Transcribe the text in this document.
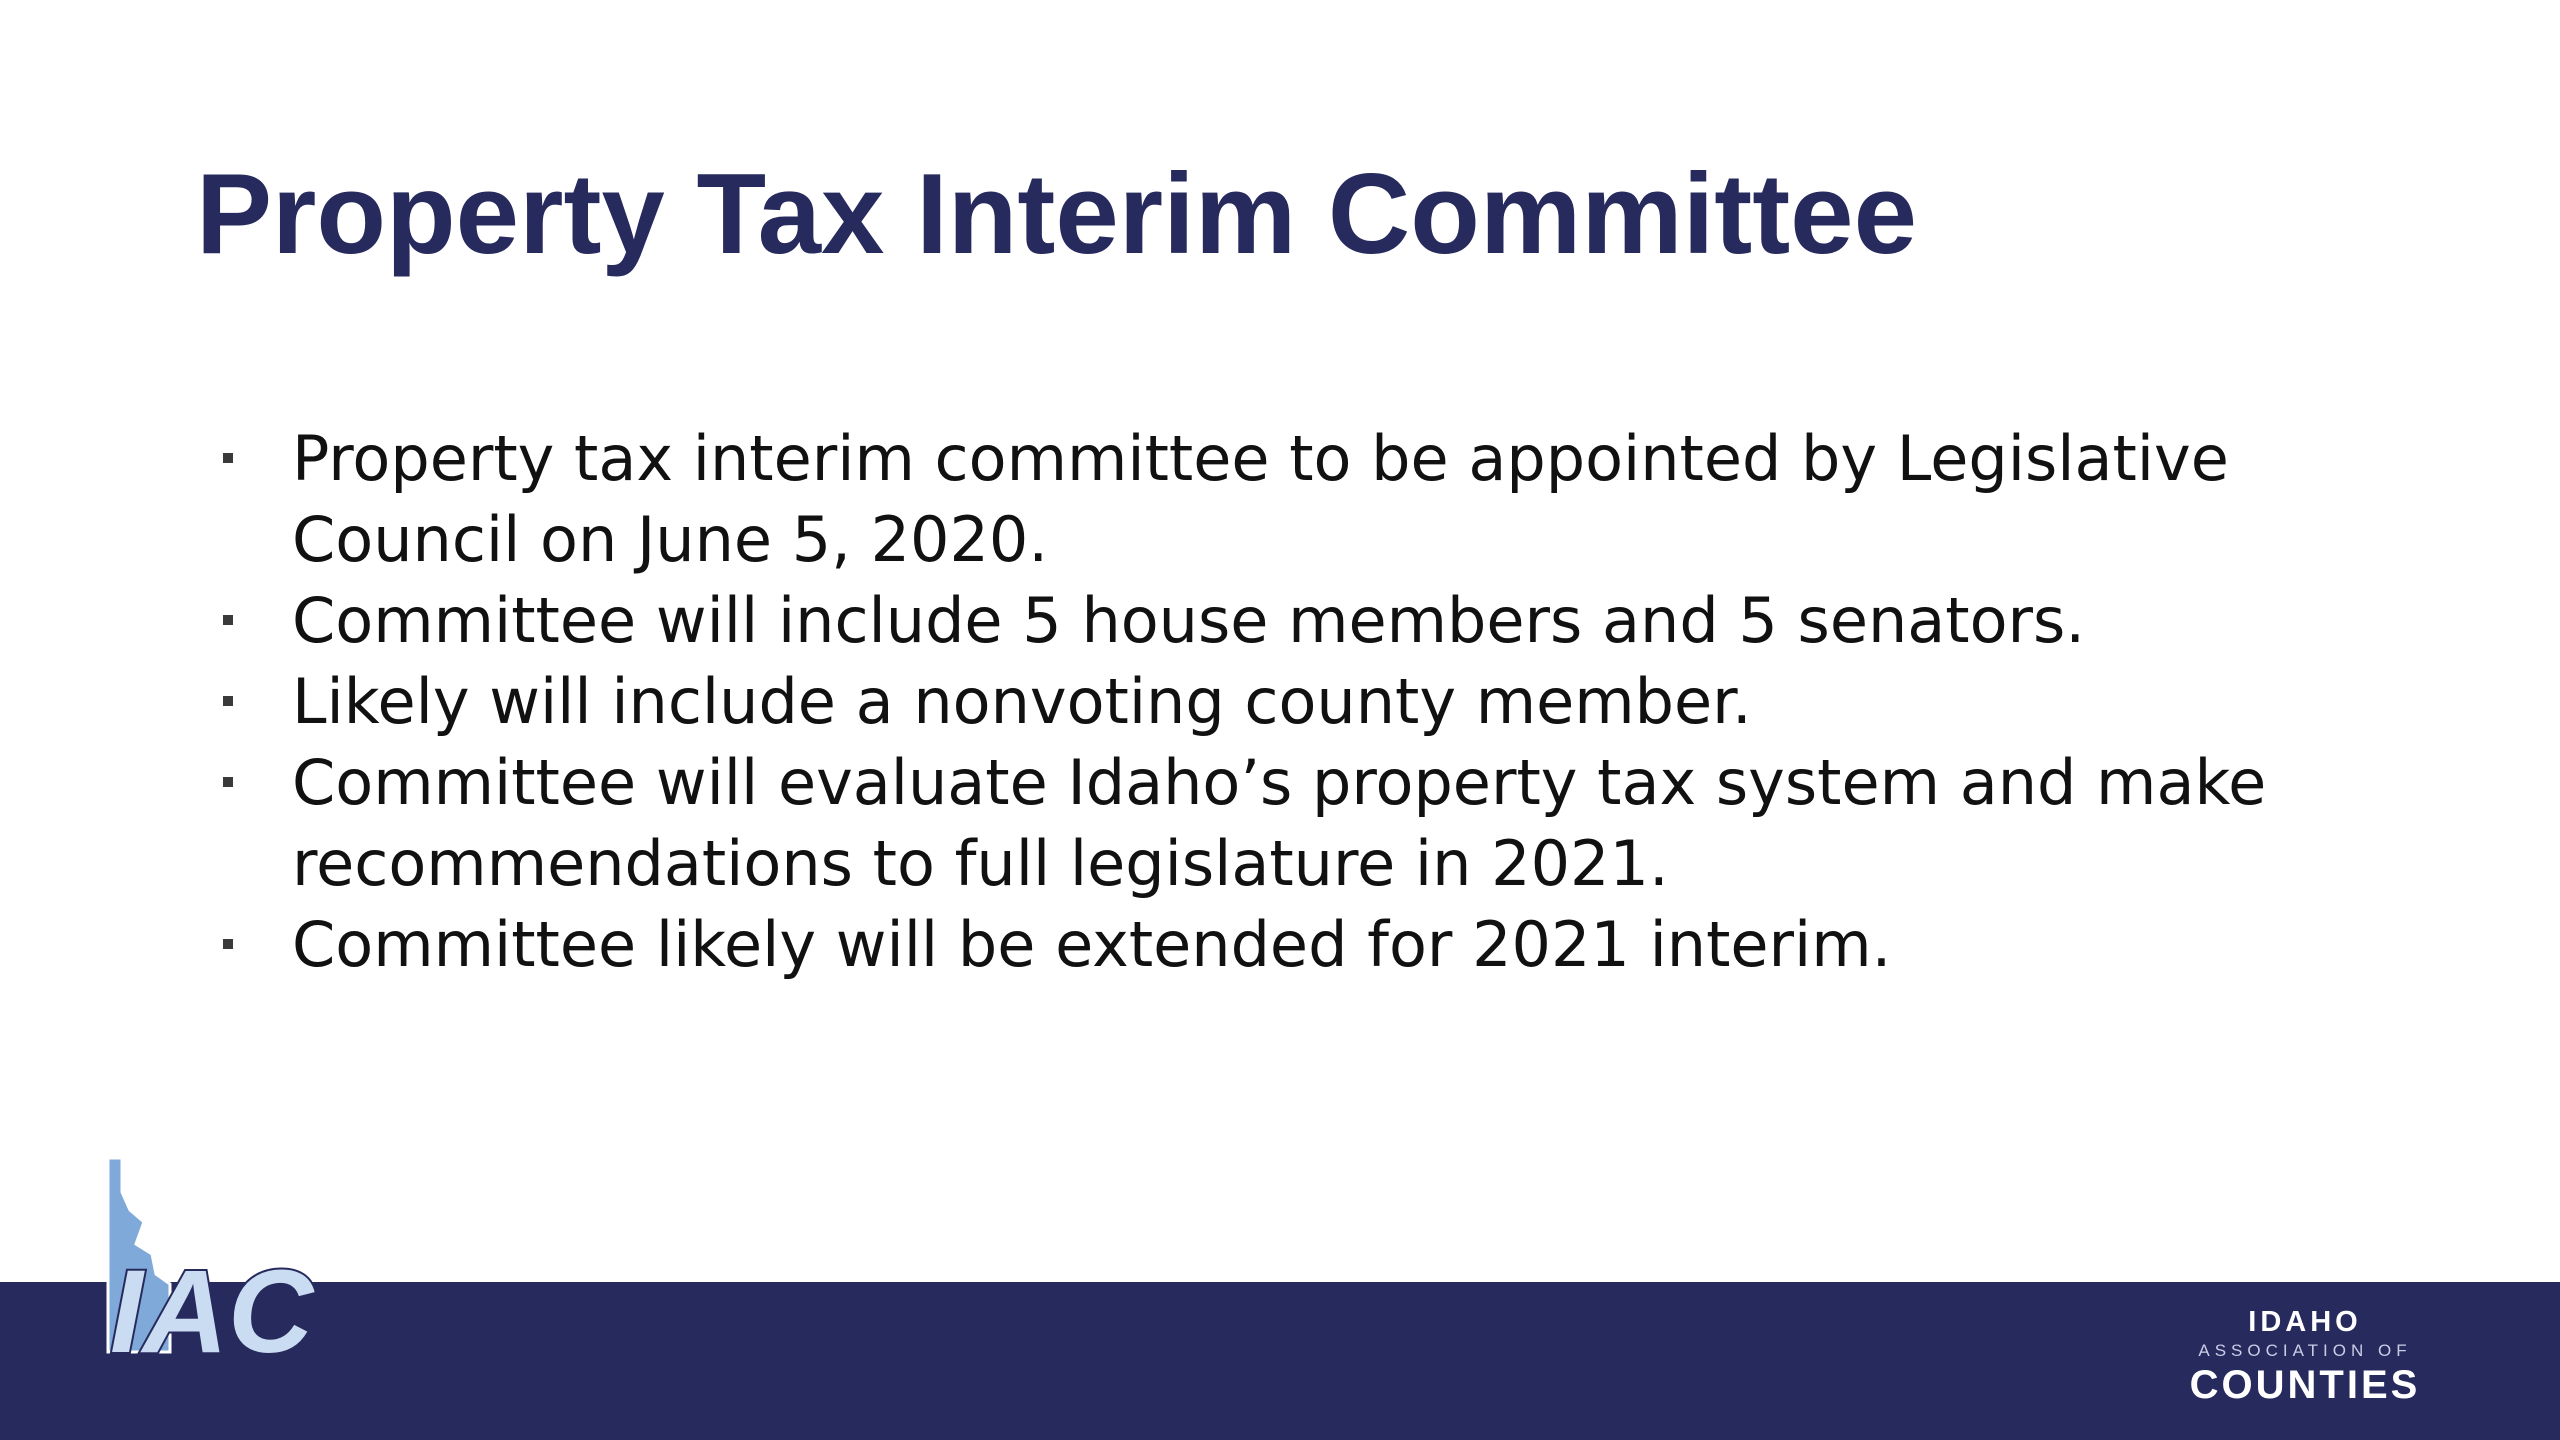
Property Tax Interim Committee
Property tax interim committee to be appointed by Legislative Council on June 5, 2020.
Committee will include 5 house members and 5 senators.
Likely will include a nonvoting county member.
Committee will evaluate Idaho’s property tax system and make recommendations to full legislature in 2021.
Committee likely will be extended for 2021 interim.
IAC	IDAHO
ASSOCIATION OF
COUNTIES
